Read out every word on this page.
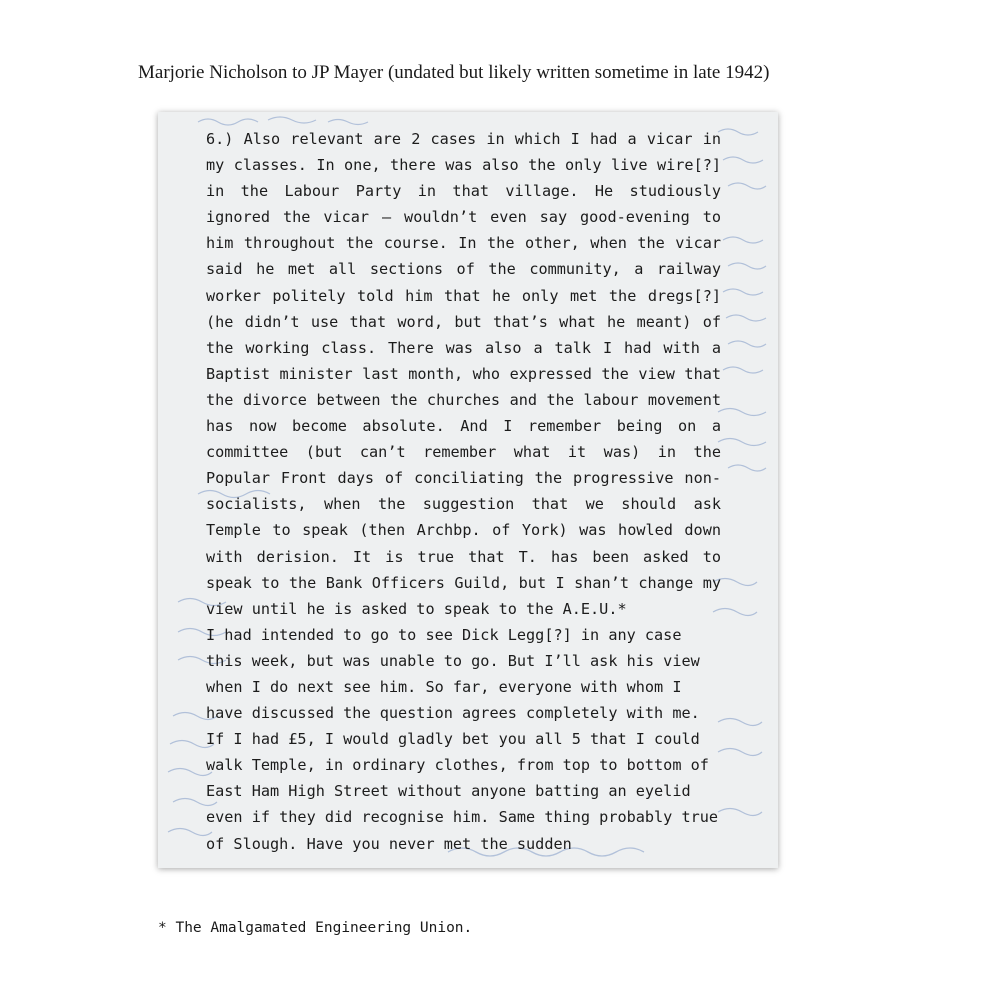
Marjorie Nicholson to JP Mayer (undated but likely written sometime in late 1942)
6.) Also relevant are 2 cases in which I had a vicar in my classes. In one, there was also the only live wire[?] in the Labour Party in that village. He studiously ignored the vicar – wouldn’t even say good-evening to him throughout the course. In the other, when the vicar said he met all sections of the community, a railway worker politely told him that he only met the dregs[?] (he didn’t use that word, but that’s what he meant) of the working class. There was also a talk I had with a Baptist minister last month, who expressed the view that the divorce between the churches and the labour movement has now become absolute. And I remember being on a committee (but can’t remember what it was) in the Popular Front days of conciliating the progressive non-socialists, when the suggestion that we should ask Temple to speak (then Archbp. of York) was howled down with derision. It is true that T. has been asked to speak to the Bank Officers Guild, but I shan’t change my view until he is asked to speak to the A.E.U.*
I had intended to go to see Dick Legg[?] in any case this week, but was unable to go. But I’ll ask his view when I do next see him. So far, everyone with whom I have discussed the question agrees completely with me. If I had £5, I would gladly bet you all 5 that I could walk Temple, in ordinary clothes, from top to bottom of East Ham High Street without anyone batting an eyelid even if they did recognise him. Same thing probably true of Slough. Have you never met the sudden

* The Amalgamated Engineering Union.
